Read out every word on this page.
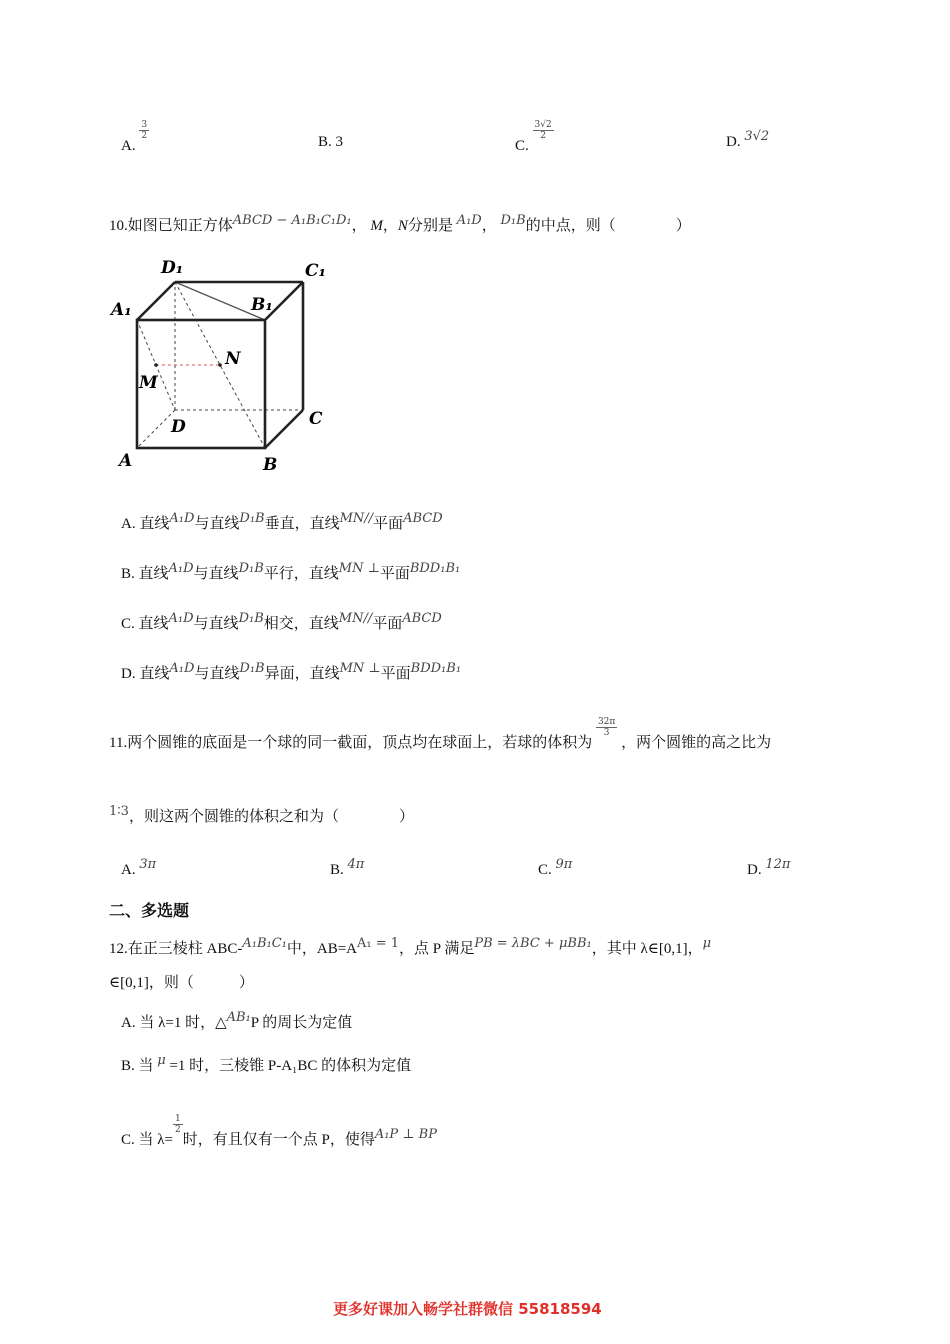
A.
$\frac{3}{2}$
B. 3	C.
$\frac{3√2}{2}$
D. 3√2
10.如图已知正方体ABCD − A₁B₁C₁D₁， M，N分别是 A₁D， D₁B的中点，则（　　　　）
D₁	C₁
A₁	B₁
N
M
D	C
A	B
A. 直线A₁D与直线D₁B垂直，直线MN//平面ABCD
B. 直线A₁D与直线D₁B平行，直线MN ⊥平面BDD₁B₁
C. 直线A₁D与直线D₁B相交，直线MN//平面ABCD
D. 直线A₁D与直线D₁B异面，直线MN ⊥平面BDD₁B₁
11.两个圆锥的底面是一个球的同一截面，顶点均在球面上，若球的体积为
$\frac{32\pi}{3}$
，两个圆锥的高之比为
1∶3，则这两个圆锥的体积之和为（　　　　）
A. 3π	B. 4π	C. 9π	D. 12π
二、多选题
12.在正三棱柱 ABC-A₁B₁C₁中，AB=AA₁ = 1，点 P 满足PB = λBC + μBB₁，其中 λ∈[0,1]，μ
∈[0,1]，则（　　　）
A. 当 λ=1 时，△AB₁P 的周长为定值
B. 当 μ =1 时，三棱锥 P-A₁BC 的体积为定值
C. 当 λ=
$\frac{1}{2}$
时，有且仅有一个点 P，使得A₁P ⊥ BP
更多好课加入畅学社群微信 55818594
